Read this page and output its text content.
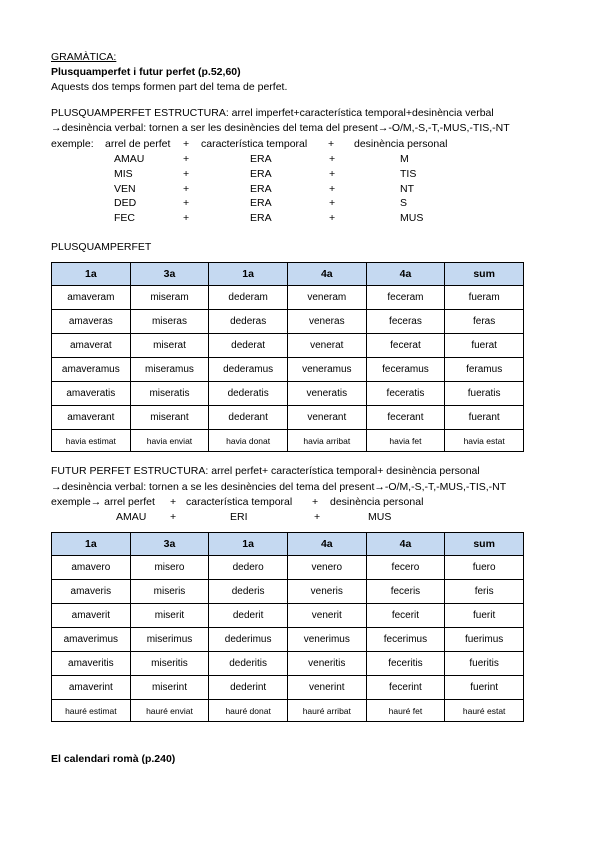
GRAMÀTICA:
Plusquamperfet i futur perfet (p.52,60)
Aquests dos temps formen part del tema de perfet.
PLUSQUAMPERFET ESTRUCTURA: arrel imperfet+característica temporal+desinència verbal
→desinència verbal: tornen a ser les desinències del tema del present→-O/M,-S,-T,-MUS,-TIS,-NT
exemple: arrel de perfet + característica temporal + desinència personal
AMAU	+	ERA	+	M
MIS	+	ERA	+	TIS
VEN	+	ERA	+	NT
DED	+	ERA	+	S
FEC	+	ERA	+	MUS
PLUSQUAMPERFET
1a	3a	1a	4a	4a	sum
amaveram	miseram	dederam	veneram	feceram	fueram
amaveras	miseras	dederas	veneras	feceras	feras
amaverat	miserat	dederat	venerat	fecerat	fuerat
amaveramus	miseramus	dederamus	veneramus	feceramus	feramus
amaveratis	miseratis	dederatis	veneratis	feceratis	fueratis
amaverant	miserant	dederant	venerant	fecerant	fuerant
havia estimat	havia enviat	havia donat	havia arribat	havia fet	havia estat
FUTUR PERFET ESTRUCTURA: arrel perfet+ característica temporal+ desinència personal
→desinència verbal: tornen a se les desinències del tema del present→-O/M,-S,-T,-MUS,-TIS,-NT
exemple→ arrel perfet + característica temporal + desinència personal
AMAU +	ERI	+	MUS
1a	3a	1a	4a	4a	sum
amavero	misero	dedero	venero	fecero	fuero
amaveris	miseris	dederis	veneris	feceris	feris
amaverit	miserit	dederit	venerit	fecerit	fuerit
amaverimus	miserimus	dederimus	venerimus	fecerimus	fuerimus
amaveritis	miseritis	dederitis	veneritis	feceritis	fueritis
amaverint	miserint	dederint	venerint	fecerint	fuerint
hauré estimat	hauré enviat	hauré donat	hauré arribat	hauré fet	hauré estat
El calendari romà (p.240)
